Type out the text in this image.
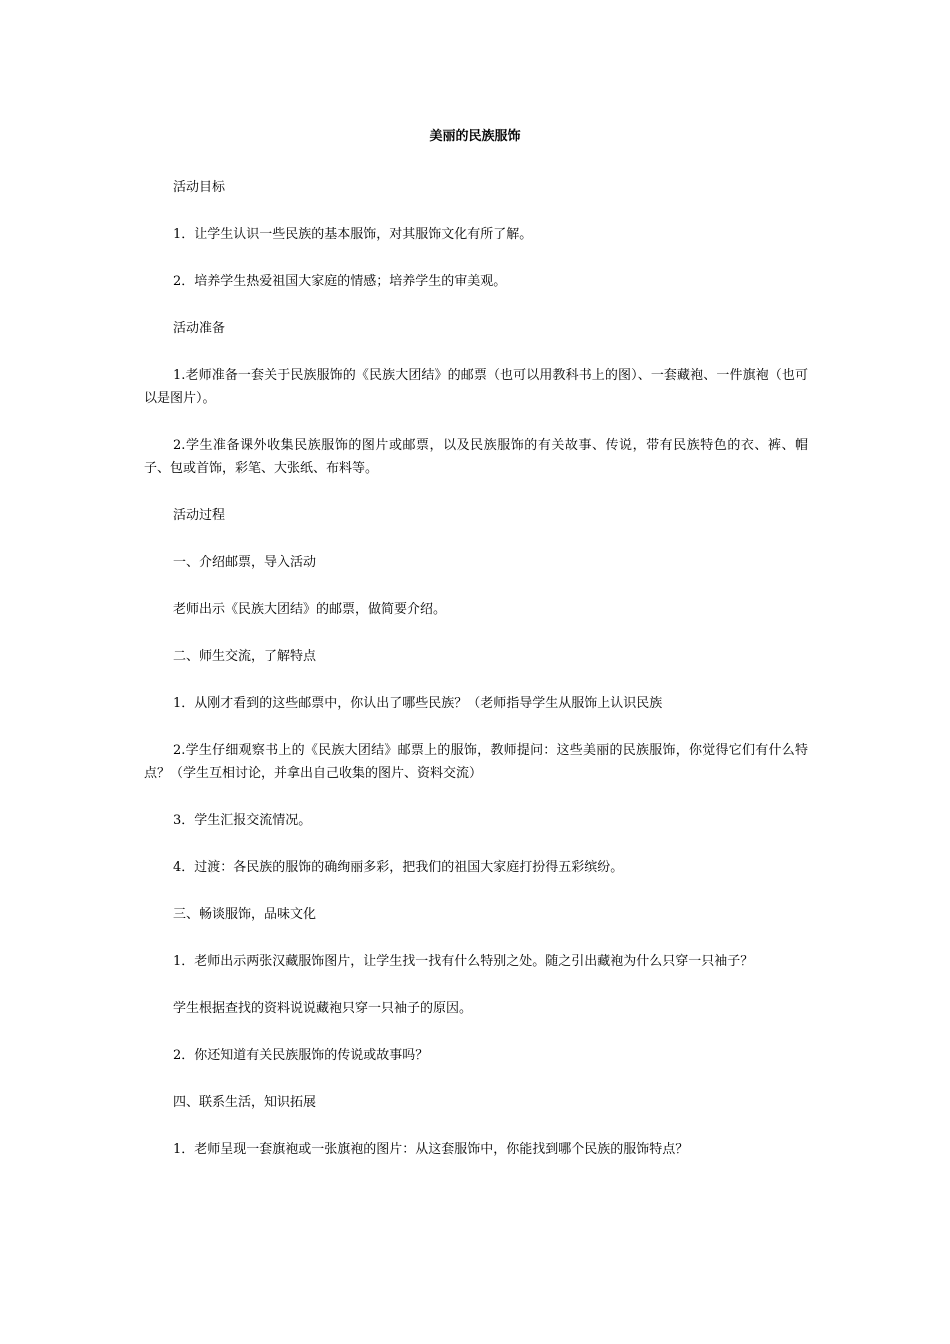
美丽的民族服饰

活动目标

1．让学生认识一些民族的基本服饰，对其服饰文化有所了解。

2．培养学生热爱祖国大家庭的情感；培养学生的审美观。

活动准备

1.老师准备一套关于民族服饰的《民族大团结》的邮票（也可以用教科书上的图）、一套藏袍、一件旗袍（也可以是图片）。

2.学生准备课外收集民族服饰的图片或邮票，以及民族服饰的有关故事、传说，带有民族特色的衣、裤、帽子、包或首饰，彩笔、大张纸、布料等。

活动过程

一、介绍邮票，导入活动

老师出示《民族大团结》的邮票，做简要介绍。

二、师生交流，了解特点

1．从刚才看到的这些邮票中，你认出了哪些民族？（老师指导学生从服饰上认识民族

2.学生仔细观察书上的《民族大团结》邮票上的服饰，教师提问：这些美丽的民族服饰，你觉得它们有什么特点？（学生互相讨论，并拿出自己收集的图片、资料交流）

3．学生汇报交流情况。

4．过渡：各民族的服饰的确绚丽多彩，把我们的祖国大家庭打扮得五彩缤纷。

三、畅谈服饰，品味文化

1．老师出示两张汉藏服饰图片，让学生找一找有什么特别之处。随之引出藏袍为什么只穿一只袖子？

学生根据查找的资料说说藏袍只穿一只袖子的原因。

2．你还知道有关民族服饰的传说或故事吗？

四、联系生活，知识拓展

1．老师呈现一套旗袍或一张旗袍的图片：从这套服饰中，你能找到哪个民族的服饰特点？
